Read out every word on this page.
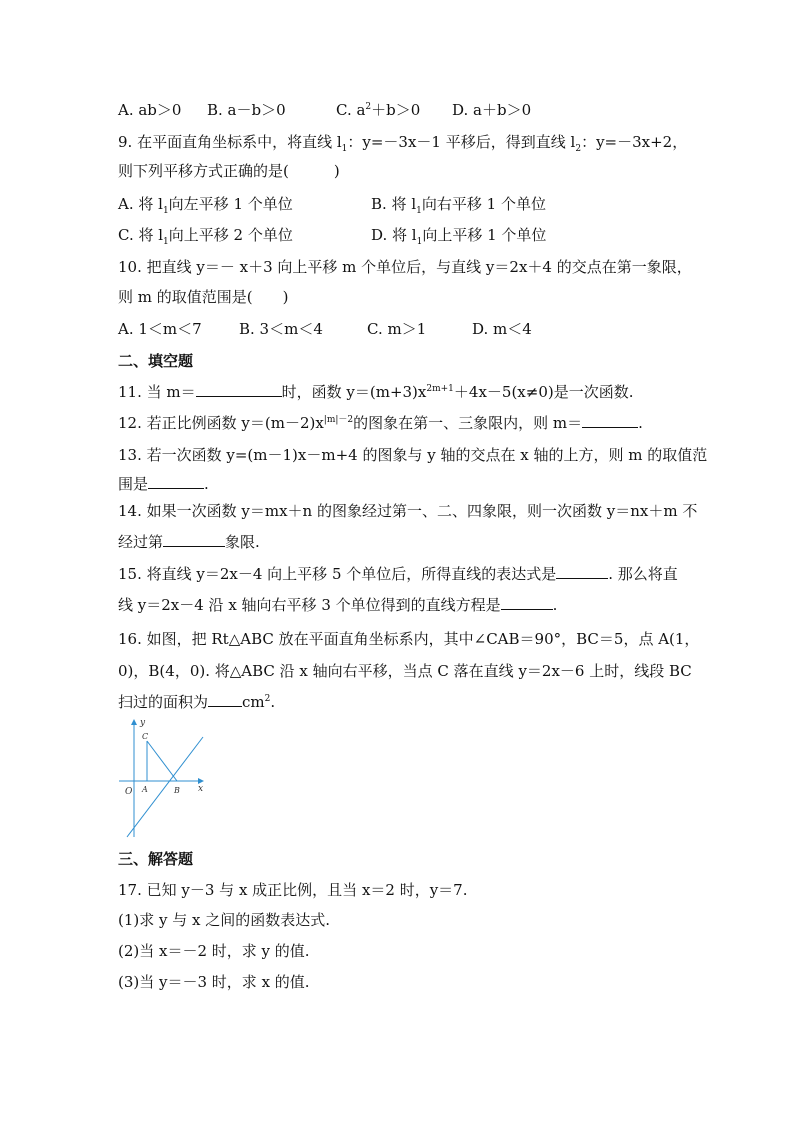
A. ab＞0 B. a－b＞0	C. $a^2+b>0$ D. a＋b＞0
9. 在平面直角坐标系中，将直线 $l_1$：y=－3x－1 平移后，得到直线 $l_2$：y=－3x+2，
则下列平移方式正确的是(　　　)
A. 将 $l_1$向左平移 1 个单位	B. 将 $l_1$向右平移 1 个单位
C. 将 $l_1$向上平移 2 个单位	D. 将 $l_1$向上平移 1 个单位
10. 把直线 y＝－ x＋3 向上平移 m 个单位后，与直线 y＝2x＋4 的交点在第一象限，
则 m 的取值范围是(　　)
A. 1＜m＜7 B. 3＜m＜4	C. m＞1	D. m＜4
二、填空题
11. 当 m＝	时，函数 $y=(m+3)x^{2m+1}+4x-5(x\ne 0)$是一次函数.
12. 若正比例函数 $y=(m-2)x^{|m|-2}$的图象在第一、三象限内，则 m＝	.
13. 若一次函数 y=(m－1)x－m+4 的图象与 y 轴的交点在 x 轴的上方，则 m 的取值范
围是	.
14. 如果一次函数 y＝mx＋n 的图象经过第一、二、四象限，则一次函数 y＝nx＋m 不
经过第	象限.
15. 将直线 y＝2x－4 向上平移 5 个单位后，所得直线的表达式是	. 那么将直
线 y＝2x－4 沿 x 轴向右平移 3 个单位得到的直线方程是	.
16. 如图，把 Rt△ABC 放在平面直角坐标系内，其中∠CAB＝90°，BC＝5，点 A(1，
0)，B(4，0). 将△ABC 沿 x 轴向右平移，当点 C 落在直线 y＝2x－6 上时，线段 BC
扫过的面积为 $cm^2$.
y
x
O A	B
C
三、解答题
17. 已知 y－3 与 x 成正比例，且当 x＝2 时，y＝7.
(1)求 y 与 x 之间的函数表达式.
(2)当 x＝－2 时，求 y 的值.
(3)当 y＝－3 时，求 x 的值.
